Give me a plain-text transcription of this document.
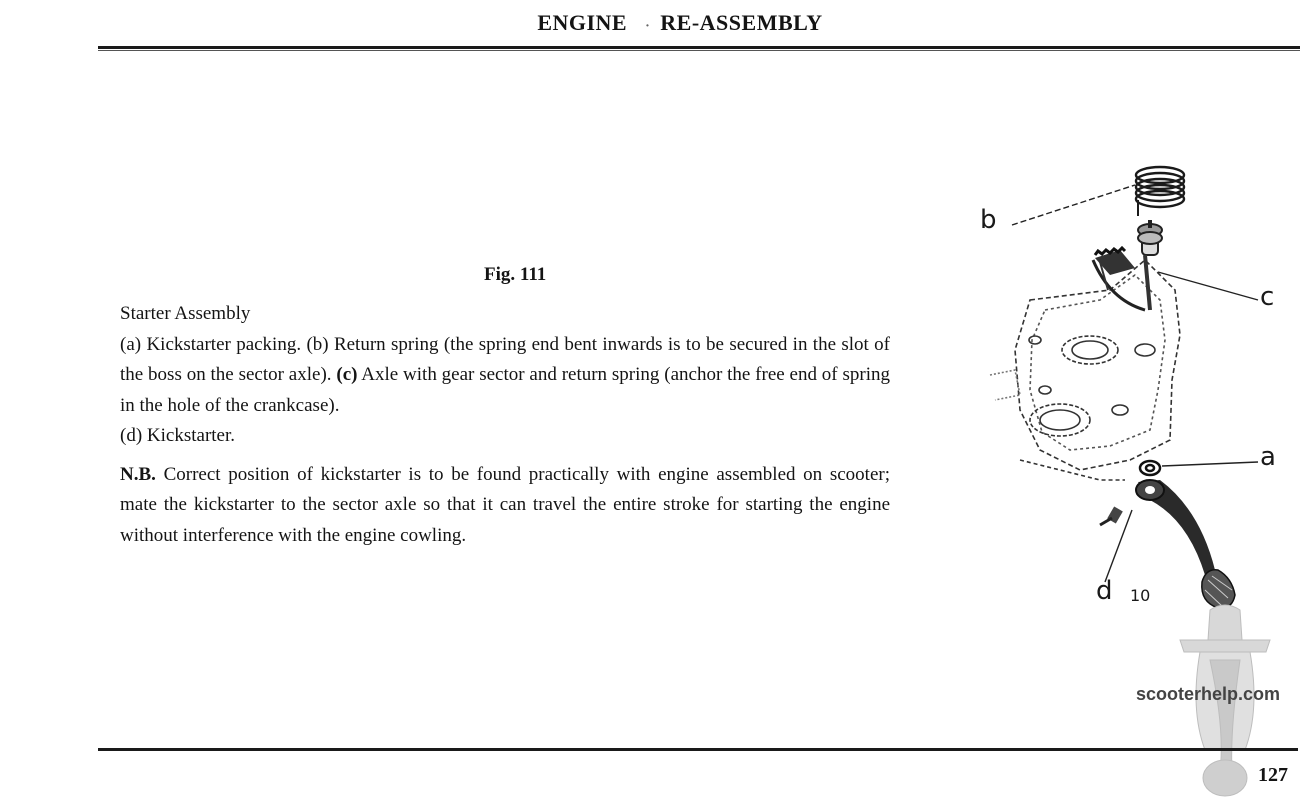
ENGINE · RE-ASSEMBLY
Fig. 111

Starter Assembly

(a) Kickstarter packing. (b) Return spring (the spring end bent inwards is to be secured in the slot of the boss on the sector axle). (c) Axle with gear sector and return spring (anchor the free end of spring in the hole of the crankcase).
(d) Kickstarter.

N.B. Correct position of kickstarter is to be found practically with engine assembled on scooter; mate the kickstarter to the sector axle so that it can travel the entire stroke for starting the engine without interference with the engine cowling.

b
c
a
d 10
scooterhelp.com
127
